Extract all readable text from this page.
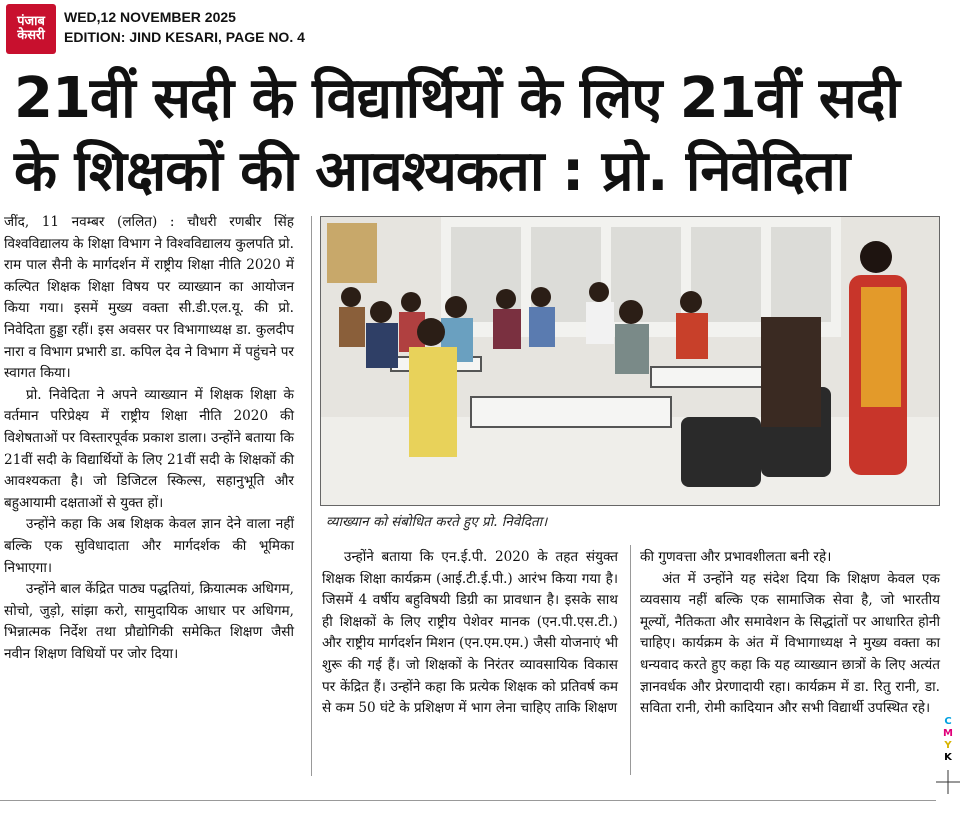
पंजाब
केसरी
WED,12 NOVEMBER 2025
EDITION: JIND KESARI, PAGE NO. 4
21वीं सदी के विद्यार्थियों के लिए 21वीं सदी
के शिक्षकों की आवश्यकता : प्रो. निवेदिता

जींद, 11 नवम्बर (ललित) : चौधरी रणबीर सिंह विश्वविद्यालय के शिक्षा विभाग ने विश्वविद्यालय कुलपति प्रो. राम पाल सैनी के मार्गदर्शन में राष्ट्रीय शिक्षा नीति 2020 में कल्पित शिक्षक शिक्षा विषय पर व्याख्यान का आयोजन किया गया। इसमें मुख्य वक्ता सी.डी.एल.यू. की प्रो. निवेदिता हुड्डा रहीं। इस अवसर पर विभागाध्यक्ष डा. कुलदीप नारा व विभाग प्रभारी डा. कपिल देव ने विभाग में पहुंचने पर स्वागत किया।

प्रो. निवेदिता ने अपने व्याख्यान में शिक्षक शिक्षा के वर्तमान परिप्रेक्ष्य में राष्ट्रीय शिक्षा नीति 2020 की विशेषताओं पर विस्तारपूर्वक प्रकाश डाला। उन्होंने बताया कि 21वीं सदी के विद्यार्थियों के लिए 21वीं सदी के शिक्षकों की आवश्यकता है। जो डिजिटल स्किल्स, सहानुभूति और बहुआयामी दक्षताओं से युक्त हों।

उन्होंने कहा कि अब शिक्षक केवल ज्ञान देने वाला नहीं बल्कि एक सुविधादाता और मार्गदर्शक की भूमिका निभाएगा।

उन्होंने बाल केंद्रित पाठ्य पद्धतियां, क्रियात्मक अधिगम, सोचो, जुड़ो, सांझा करो, सामुदायिक आधार पर अधिगम, भिन्नात्मक निर्देश तथा प्रौद्योगिकी समेकित शिक्षण जैसी नवीन शिक्षण विधियों पर जोर दिया।

व्याख्यान को संबोधित करते हुए प्रो. निवेदिता।

उन्होंने बताया कि एन.ई.पी. 2020 के तहत संयुक्त शिक्षक शिक्षा कार्यक्रम (आई.टी.ई.पी.) आरंभ किया गया है। जिसमें 4 वर्षीय बहुविषयी डिग्री का प्रावधान है। इसके साथ ही शिक्षकों के लिए राष्ट्रीय पेशेवर मानक (एन.पी.एस.टी.) और राष्ट्रीय मार्गदर्शन मिशन (एन.एम.एम.) जैसी योजनाएं भी शुरू की गई हैं। जो शिक्षकों के निरंतर व्यावसायिक विकास पर केंद्रित हैं। उन्होंने कहा कि प्रत्येक शिक्षक को प्रतिवर्ष कम से कम 50 घंटे के प्रशिक्षण में भाग लेना चाहिए ताकि शिक्षण

की गुणवत्ता और प्रभावशीलता बनी रहे।

अंत में उन्होंने यह संदेश दिया कि शिक्षण केवल एक व्यवसाय नहीं बल्कि एक सामाजिक सेवा है, जो भारतीय मूल्यों, नैतिकता और समावेशन के सिद्धांतों पर आधारित होनी चाहिए। कार्यक्रम के अंत में विभागाध्यक्ष ने मुख्य वक्ता का धन्यवाद करते हुए कहा कि यह व्याख्यान छात्रों के लिए अत्यंत ज्ञानवर्धक और प्रेरणादायी रहा। कार्यक्रम में डा. रितु रानी, डा. सविता रानी, रोमी कादियान और सभी विद्यार्थी उपस्थित रहे।

C
M
Y
K
